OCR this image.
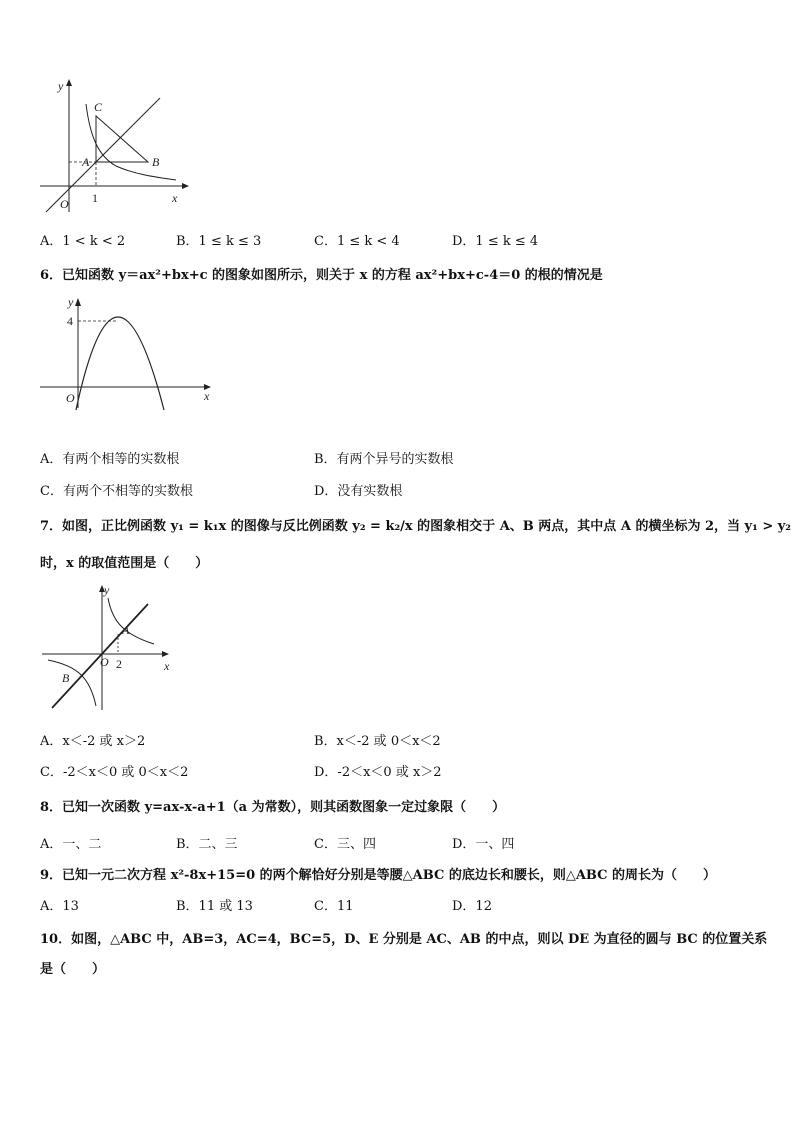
y
C
A	B
1	x
O
A．1 < k < 2	B．1 ≤ k ≤ 3	C．1 ≤ k < 4	D．1 ≤ k ≤ 4
6．已知函数 y＝ax²+bx+c 的图象如图所示，则关于 x 的方程 ax²+bx+c-4＝0 的根的情况是
y
4
O	x
A．有两个相等的实数根	B．有两个异号的实数根
C．有两个不相等的实数根	D．没有实数根
7．如图，正比例函数 y₁ = k₁x 的图像与反比例函数 y₂ = k₂/x 的图象相交于 A、B 两点，其中点 A 的横坐标为 2，当 y₁ > y₂
时，x 的取值范围是（　　）
y
A
O 2	x
B
A．x＜-2 或 x＞2	B．x＜-2 或 0＜x＜2
C．-2＜x＜0 或 0＜x＜2	D．-2＜x＜0 或 x＞2
8．已知一次函数 y=ax-x-a+1（a 为常数），则其函数图象一定过象限（　　）
A．一、二	B．二、三	C．三、四	D．一、四
9．已知一元二次方程 x²-8x+15=0 的两个解恰好分别是等腰△ABC 的底边长和腰长，则△ABC 的周长为（　　）
A．13	B．11 或 13	C．11	D．12
10．如图，△ABC 中，AB=3，AC=4，BC=5，D、E 分别是 AC、AB 的中点，则以 DE 为直径的圆与 BC 的位置关系
是（　　）
